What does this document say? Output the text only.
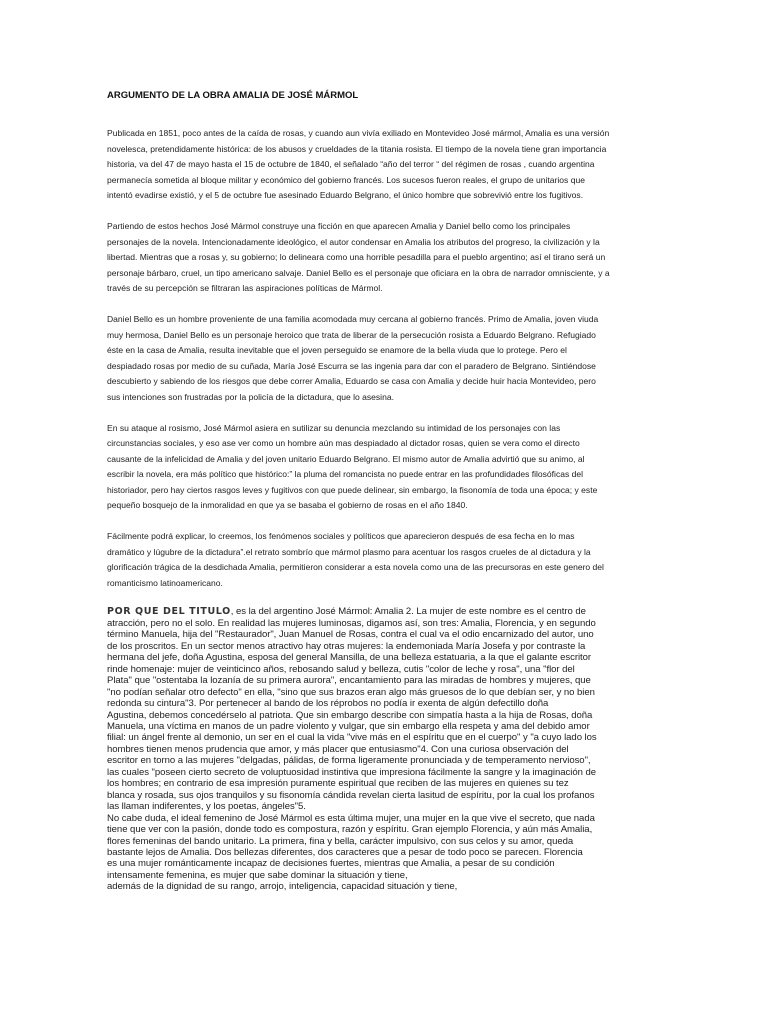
ARGUMENTO DE LA OBRA AMALIA DE JOSÉ MÁRMOL
Publicada en 1851, poco antes de la caída de rosas, y cuando aun vivía exiliado en Montevideo José mármol, Amalia es una versión
novelesca, pretendidamente histórica: de los abusos y crueldades de la titania rosista. El tiempo de la novela tiene gran importancia
historia, va del 47 de mayo hasta el 15 de octubre de 1840, el señalado “año del terror “ del régimen de rosas , cuando argentina
permanecía sometida al bloque militar y económico del gobierno francés. Los sucesos fueron reales, el grupo de unitarios que
intentó evadirse existió, y el 5 de octubre fue asesinado Eduardo Belgrano, el único hombre que sobrevivió entre los fugitivos.
Partiendo de estos hechos José Mármol construye una ficción en que aparecen Amalia y Daniel bello como los principales
personajes de la novela. Intencionadamente ideológico, el autor condensar en Amalia los atributos del progreso, la civilización y la
libertad. Mientras que a rosas y, su gobierno; lo delineara como una horrible pesadilla para el pueblo argentino; así el tirano será un
personaje bárbaro, cruel, un tipo americano salvaje. Daniel Bello es el personaje que oficiara en la obra de narrador omnisciente, y a
través de su percepción se filtraran las aspiraciones políticas de Mármol.
Daniel Bello es un hombre proveniente de una familia acomodada muy cercana al gobierno francés. Primo de Amalia, joven viuda
muy hermosa, Daniel Bello es un personaje heroico que trata de liberar de la persecución rosista a Eduardo Belgrano. Refugiado
éste en la casa de Amalia, resulta inevitable que el joven perseguido se enamore de la bella viuda que lo protege. Pero el
despiadado rosas por medio de su cuñada, María José Escurra se las ingenia para dar con el paradero de Belgrano. Sintiéndose
descubierto y sabiendo de los riesgos que debe correr Amalia, Eduardo se casa con Amalia y decide huir hacia Montevideo, pero
sus intenciones son frustradas por la policía de la dictadura, que lo asesina.
En su ataque al rosismo, José Mármol asiera en sutilizar su denuncia mezclando su intimidad de los personajes con las
circunstancias sociales, y eso ase ver como un hombre aún mas despiadado al dictador rosas, quien se vera como el directo
causante de la infelicidad de Amalia y del joven unitario Eduardo Belgrano. El mismo autor de Amalia advirtió que su animo, al
escribir la novela, era más político que histórico:” la pluma del romancista no puede entrar en las profundidades filosóficas del
historiador, pero hay ciertos rasgos leves y fugitivos con que puede delinear, sin embargo, la fisonomía de toda una época; y este
pequeño bosquejo de la inmoralidad en que ya se basaba el gobierno de rosas en el año 1840.
Fácilmente podrá explicar, lo creemos, los fenómenos sociales y políticos que aparecieron después de esa fecha en lo mas
dramático y lúgubre de la dictadura”.el retrato sombrío que mármol plasmo para acentuar los rasgos crueles de al dictadura y la
glorificación trágica de la desdichada Amalia, permitieron considerar a esta novela como una de las precursoras en este genero del
romanticismo latinoamericano.
POR QUE DEL TITULO, es la del argentino José Mármol: Amalia 2. La mujer de este nombre es el centro de
atracción, pero no el solo. En realidad las mujeres luminosas, digamos así, son tres: Amalia, Florencia, y en segundo
término Manuela, hija del "Restaurador", Juan Manuel de Rosas, contra el cual va el odio encarnizado del autor, uno
de los proscritos. En un sector menos atractivo hay otras mujeres: la endemoniada María Josefa y por contraste la
hermana del jefe, doña Agustina, esposa del general Mansilla, de una belleza estatuaria, a la que el galante escritor
rinde homenaje: mujer de veinticinco años, rebosando salud y belleza, cutis "color de leche y rosa", una "flor del
Plata" que "ostentaba la lozanía de su primera aurora", encantamiento para las miradas de hombres y mujeres, que
"no podían señalar otro defecto" en ella, "sino que sus brazos eran algo más gruesos de lo que debían ser, y no bien
redonda su cintura"3. Por pertenecer al bando de los réprobos no podía ir exenta de algún defectillo doña
Agustina, debemos concedérselo al patriota. Que sin embargo describe con simpatía hasta a la hija de Rosas, doña
Manuela, una víctima en manos de un padre violento y vulgar, que sin embargo ella respeta y ama del debido amor
filial: un ángel frente al demonio, un ser en el cual la vida "vive más en el espíritu que en el cuerpo" y "a cuyo lado los
hombres tienen menos prudencia que amor, y más placer que entusiasmo"4. Con una curiosa observación del
escritor en torno a las mujeres "delgadas, pálidas, de forma ligeramente pronunciada y de temperamento nervioso",
las cuales "poseen cierto secreto de voluptuosidad instintiva que impresiona fácilmente la sangre y la imaginación de
los hombres; en contrario de esa impresión puramente espiritual que reciben de las mujeres en quienes su tez
blanca y rosada, sus ojos tranquilos y su fisonomía cándida revelan cierta lasitud de espíritu, por la cual los profanos
las llaman indiferentes, y los poetas, ángeles"5.
No cabe duda, el ideal femenino de José Mármol es esta última mujer, una mujer en la que vive el secreto, que nada
tiene que ver con la pasión, donde todo es compostura, razón y espíritu. Gran ejemplo Florencia, y aún más Amalia,
flores femeninas del bando unitario. La primera, fina y bella, carácter impulsivo, con sus celos y su amor, queda
bastante lejos de Amalia. Dos bellezas diferentes, dos caracteres que a pesar de todo poco se parecen. Florencia
es una mujer románticamente incapaz de decisiones fuertes, mientras que Amalia, a pesar de su condición
intensamente femenina, es mujer que sabe dominar la situación y tiene,
además de la dignidad de su rango, arrojo, inteligencia, capacidad situación y tiene,
